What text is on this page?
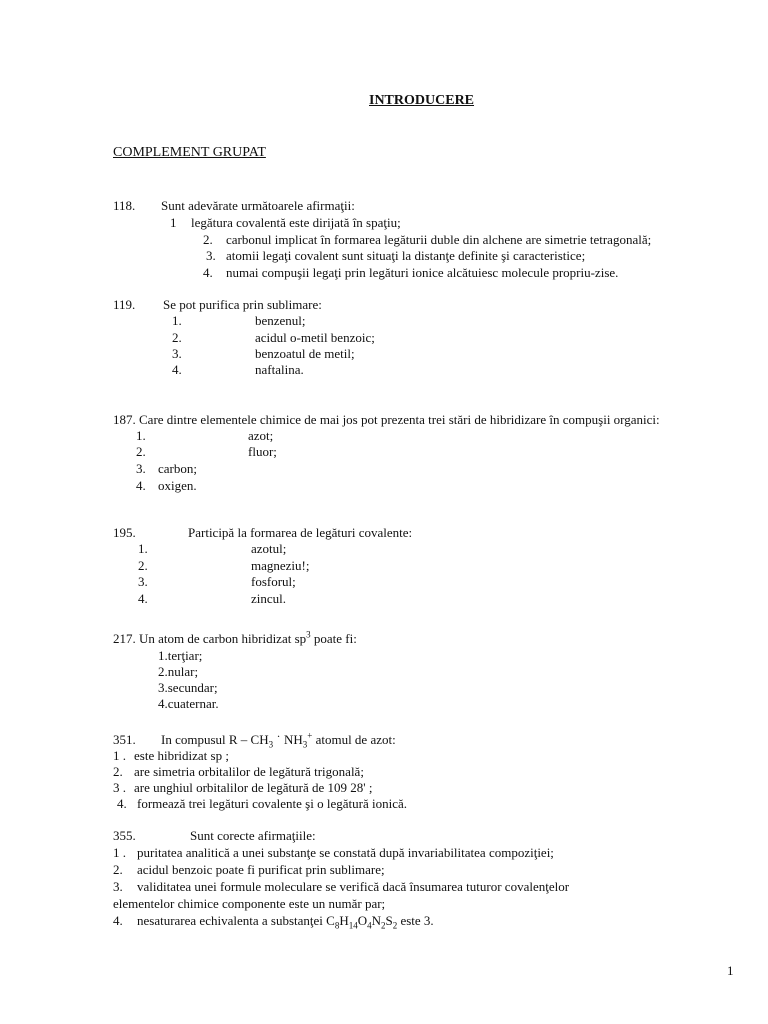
INTRODUCERE
COMPLEMENT GRUPAT
118. Sunt adevărate următoarele afirmaţii:
1 legătura covalentă este dirijată în spaţiu;
2. carbonul implicat în formarea legăturii duble din alchene are simetrie tetragonală;
3. atomii legaţi covalent sunt situaţi la distanţe definite şi caracteristice;
4. numai compuşii legaţi prin legături ionice alcătuiesc molecule propriu-zise.
119. Se pot purifica prin sublimare:
1.	benzenul;
2.	acidul o-metil benzoic;
3.	benzoatul de metil;
4.	naftalina.
187. Care dintre elementele chimice de mai jos pot prezenta trei stări de hibridizare în compuşii organici:
1.	azot;
2.	fluor;
3. carbon;
4. oxigen.
195.	Participă la formarea de legături covalente:
1.	azotul;
2.	magneziu!;
3.	fosforul;
4.	zincul.
217. Un atom de carbon hibridizat $sp^3$ poate fi:
1.terţiar;
2.nular;
3.secundar;
4.cuaternar.
351. In compusul R – $CH_3$ ˙ $NH_3^+$ atomul de azot:
1 . este hibridizat sp ;
2. are simetria orbitalilor de legătură trigonală;
3 . are unghiul orbitalilor de legătură de 109 28' ;
4. formează trei legături covalente şi o legătură ionică.
355.	Sunt corecte afirmaţiile:
1 . puritatea analitică a unei substanţe se constată după invariabilitatea compoziţiei;
2. acidul benzoic poate fi purificat prin sublimare;
3. validitatea unei formule moleculare se verifică dacă însumarea tuturor covalenţelor
elementelor chimice componente este un număr par;
4. nesaturarea echivalenta a substanţei $C_8H_{14}O_4N_2S_2$ este 3.
1
